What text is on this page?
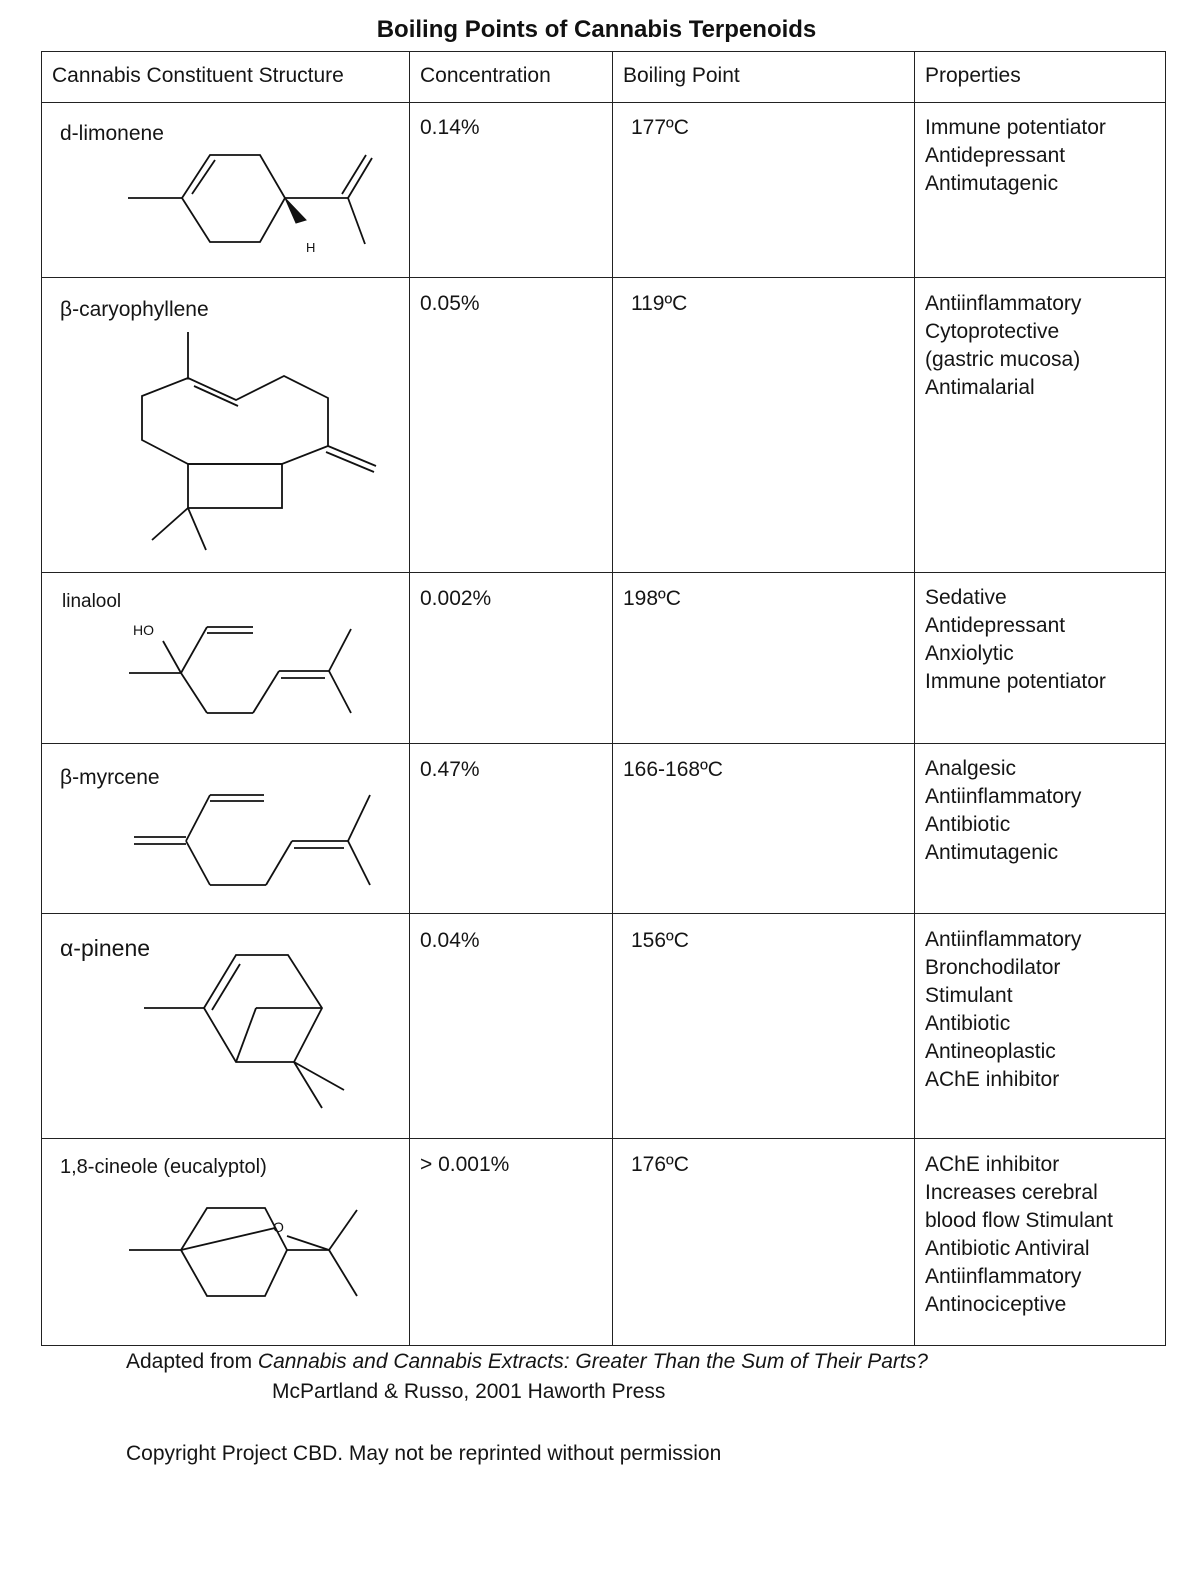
Boiling Points of Cannabis Terpenoids
Cannabis Constituent Structure	Concentration	Boiling Point	Properties
d-limonene	0.14%	177ºC	Immune potentiator
Antidepressant
Antimutagenic
H
β-caryophyllene	0.05%	119ºC	Antiinflammatory
Cytoprotective
(gastric mucosa)
Antimalarial
linalool	0.002%	198ºC	Sedative
Antidepressant
Anxiolytic
Immune potentiator
HO
β-myrcene	0.47%	166-168ºC	Analgesic
Antiinflammatory
Antibiotic
Antimutagenic
α-pinene	0.04%	156ºC	Antiinflammatory
Bronchodilator
Stimulant
Antibiotic
Antineoplastic
AChE inhibitor
1,8-cineole (eucalyptol)	> 0.001%	176ºC	AChE inhibitor
Increases cerebral
blood flow Stimulant
Antibiotic Antiviral
Antiinflammatory
Antinociceptive
O
Adapted from Cannabis and Cannabis Extracts: Greater Than the Sum of Their Parts?
McPartland & Russo, 2001 Haworth Press
Copyright Project CBD. May not be reprinted without permission
